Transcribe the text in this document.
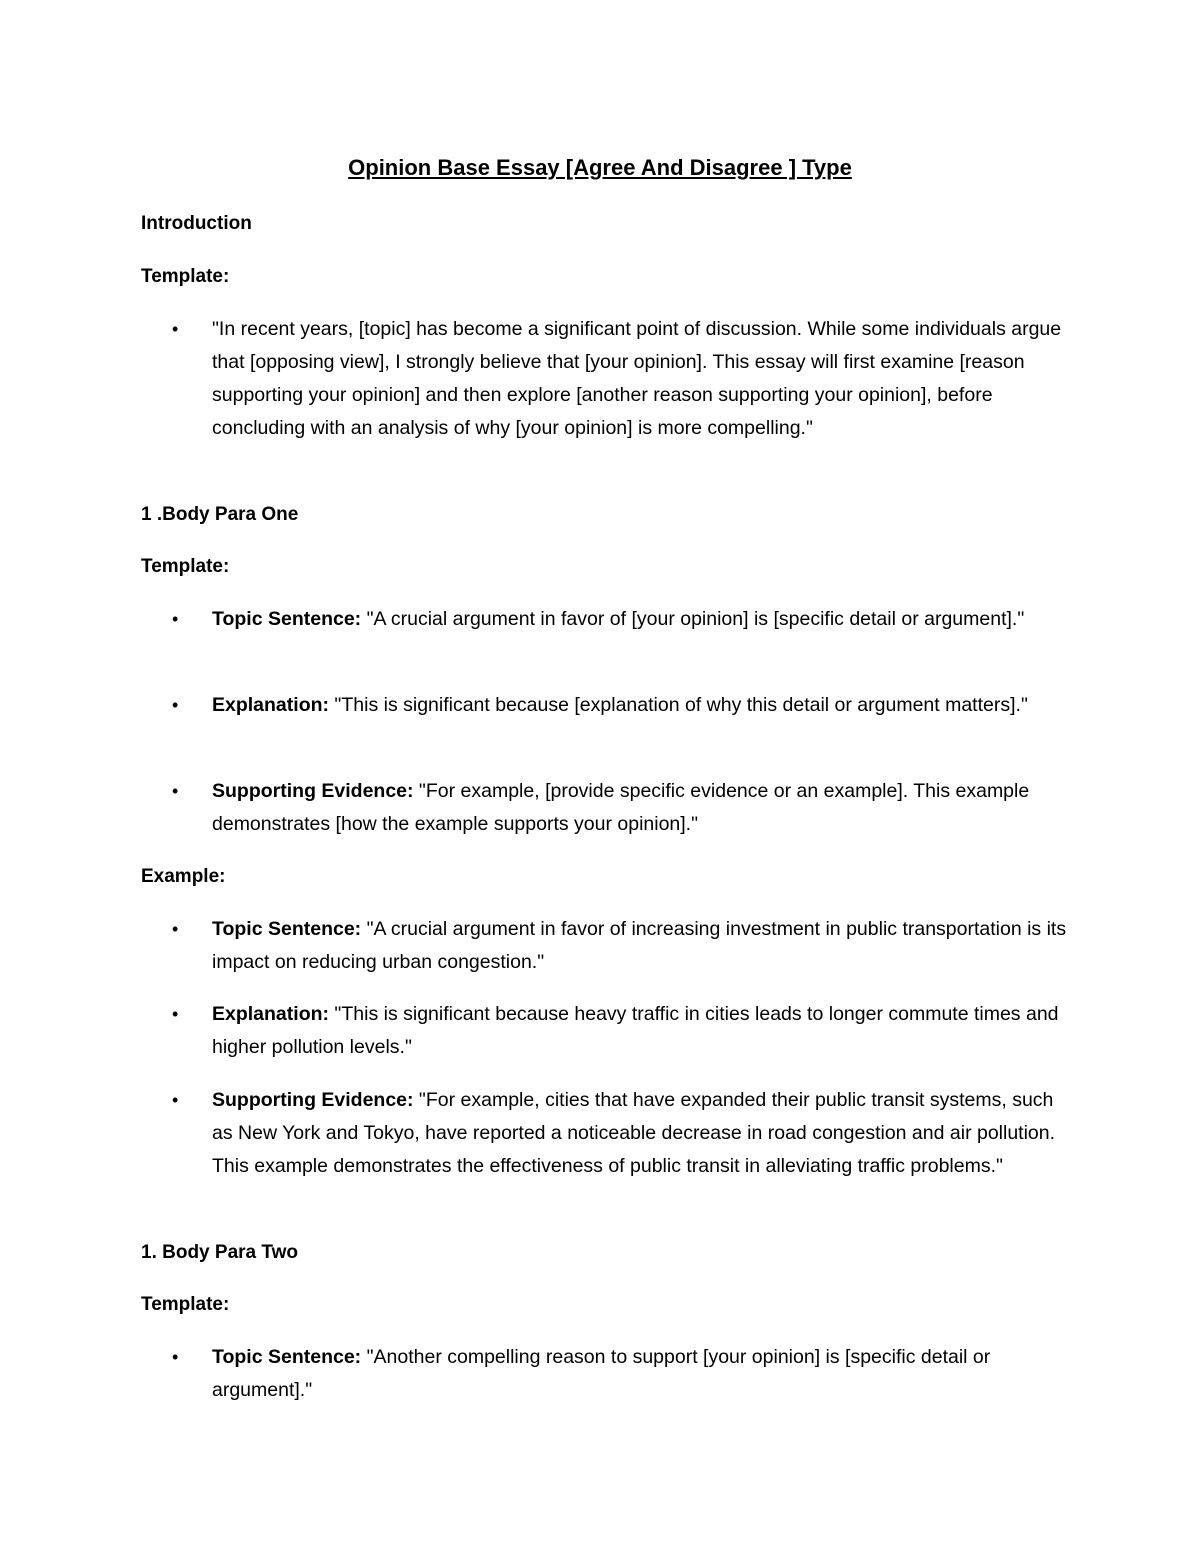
Opinion Base Essay [Agree And Disagree ] Type
Introduction
Template:
• "In recent years, [topic] has become a significant point of discussion. While some individuals argue that [opposing view], I strongly believe that [your opinion]. This essay will first examine [reason supporting your opinion] and then explore [another reason supporting your opinion], before concluding with an analysis of why [your opinion] is more compelling."
1 .Body Para One
Template:
• Topic Sentence: "A crucial argument in favor of [your opinion] is [specific detail or argument]."
• Explanation: "This is significant because [explanation of why this detail or argument matters]."
• Supporting Evidence: "For example, [provide specific evidence or an example]. This example demonstrates [how the example supports your opinion]."
Example:
• Topic Sentence: "A crucial argument in favor of increasing investment in public transportation is its impact on reducing urban congestion."
• Explanation: "This is significant because heavy traffic in cities leads to longer commute times and higher pollution levels."
• Supporting Evidence: "For example, cities that have expanded their public transit systems, such as New York and Tokyo, have reported a noticeable decrease in road congestion and air pollution. This example demonstrates the effectiveness of public transit in alleviating traffic problems."
1. Body Para Two
Template:
• Topic Sentence: "Another compelling reason to support [your opinion] is [specific detail or argument]."
